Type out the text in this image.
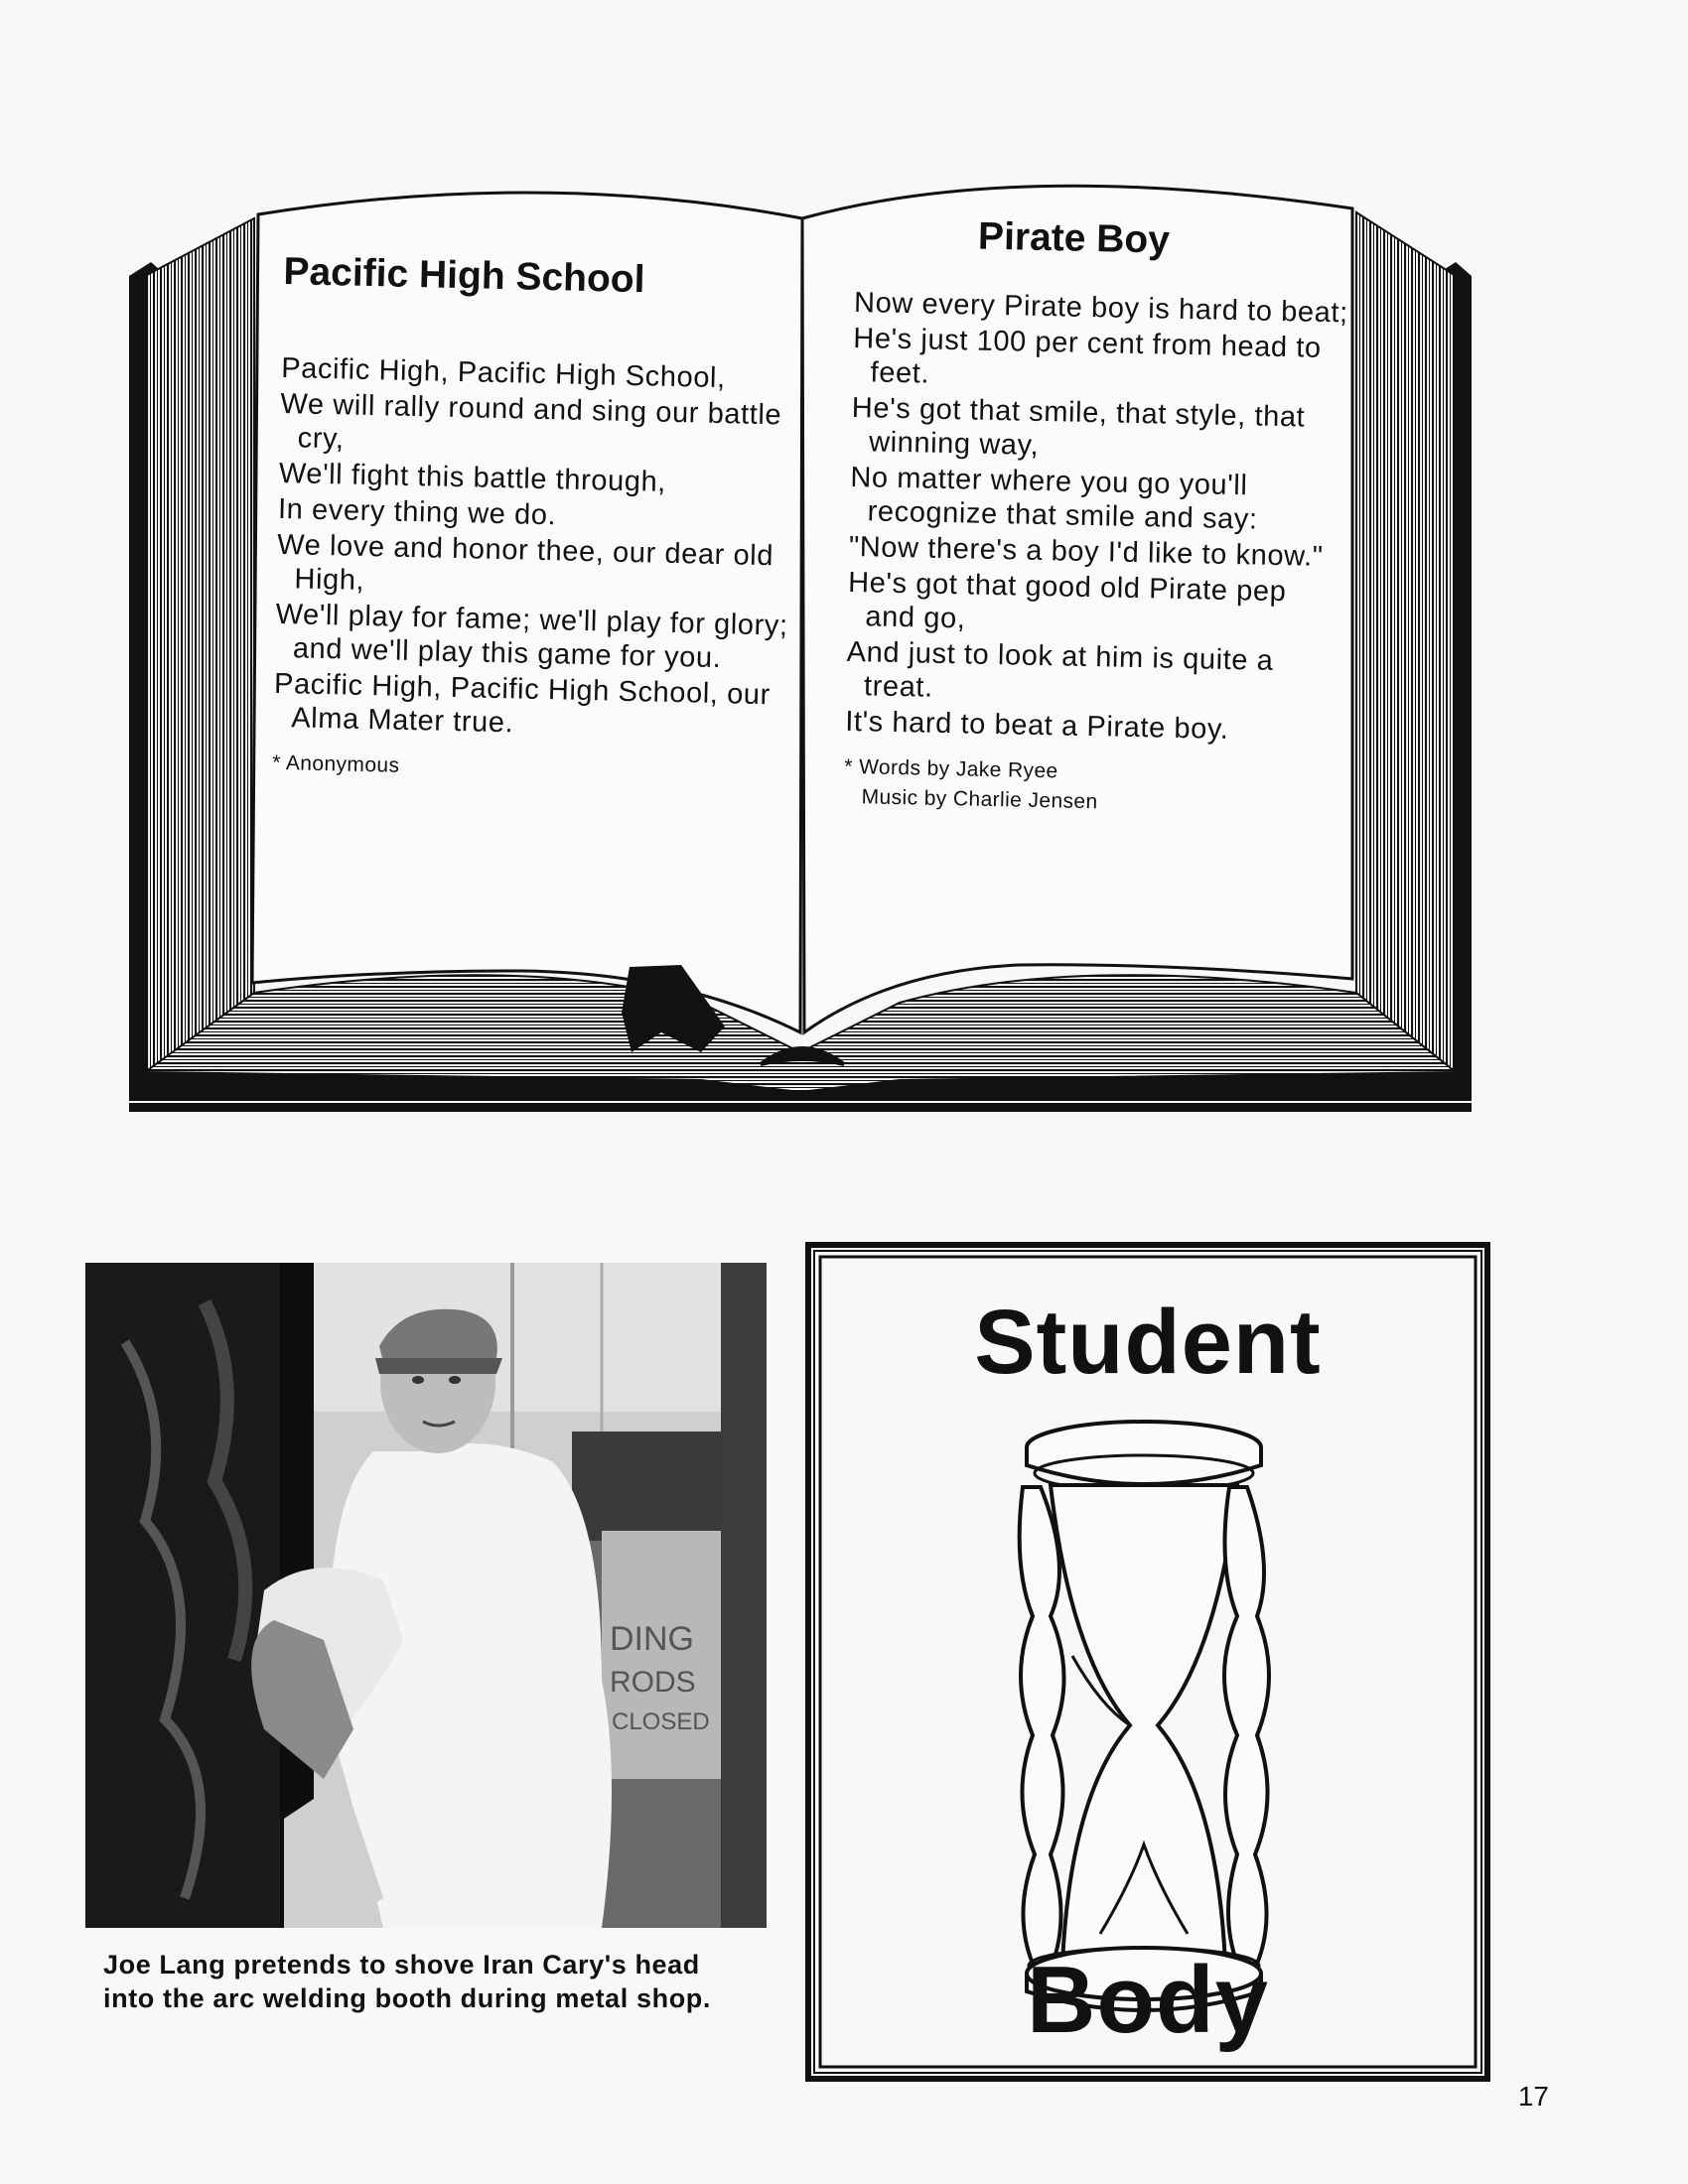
Pacific High School
Pacific High, Pacific High School,
We will rally round and sing our battle cry,
We'll fight this battle through,
In every thing we do.
We love and honor thee, our dear old High,
We'll play for fame; we'll play for glory; and we'll play this game for you.
Pacific High, Pacific High School, our Alma Mater true.

* Anonymous

Pirate Boy
Now every Pirate boy is hard to beat;
He's just 100 per cent from head to feet.
He's got that smile, that style, that winning way,
No matter where you go you'll recognize that smile and say:
"Now there's a boy I'd like to know."
He's got that good old Pirate pep and go,
And just to look at him is quite a treat.
It's hard to beat a Pirate boy.

* Words by Jake Ryee

Music by Charlie Jensen

DING
RODS
CLOSED

Joe Lang pretends to shove Iran Cary's head into the arc welding booth during metal shop.

Student

Body

17
